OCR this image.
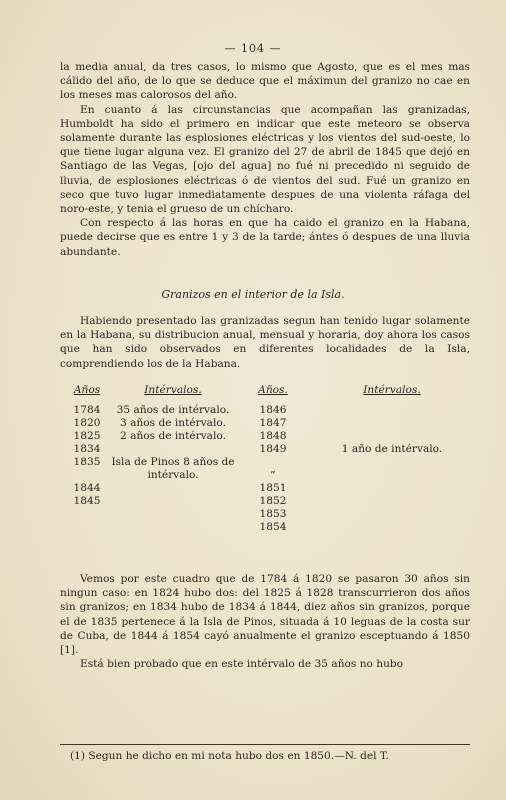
— 104 —

la media anual, da tres casos, lo mismo que Agosto, que es el mes mas cálido del año, de lo que se deduce que el máximun del granizo no cae en los meses mas calorosos del año.

En cuanto á las circunstancias que acompañan las granizadas, Humboldt ha sido el primero en indicar que este meteoro se observa solamente durante las esplosiones eléctricas y los vientos del sud-oeste, lo que tiene lugar alguna vez. El granizo del 27 de abril de 1845 que dejó en Santiago de las Vegas, [ojo del agua] no fué ni precedido ni seguido de lluvia, de esplosiones eléctricas ó de vientos del sud. Fué un granizo en seco que tuvo lugar inmediatamente despues de una violenta ráfaga del noro-este, y tenia el grueso de un chícharo.

Con respecto á las horas en que ha caido el granizo en la Habana, puede decirse que es entre 1 y 3 de la tarde; ántes ó despues de una lluvia abundante.

Granizos en el interior de la Isla.

Habiendo presentado las granizadas segun han tenido lugar solamente en la Habana, su distribucion anual, mensual y horaria, doy ahora los casos que han sido observados en diferentes localidades de la Isla, comprendiendo los de la Habana.

Años	Intérvalos.	Años.	Intérvalos.
1784	35 años de intérvalo.	1846	
1820	3 años de intérvalo.	1847	
1825	2 años de intérvalo.	1848	
1834		1849	1 año de intérvalo.
1835	Isla de Pinos 8 años de intérvalo.	„	
1844		1851	
1845		1852	
		1853	
		1854	

Vemos por este cuadro que de 1784 á 1820 se pasaron 30 años sin ningun caso: en 1824 hubo dos: del 1825 á 1828 transcurrieron dos años sin granizos; en 1834 hubo de 1834 á 1844, diez años sin granizos, porque el de 1835 pertenece á la Isla de Pinos, situada á 10 leguas de la costa sur de Cuba, de 1844 á 1854 cayó anualmente el granizo esceptuando á 1850 [1].

Está bien probado que en este intérvalo de 35 años no hubo

(1) Segun he dicho en mi nota hubo dos en 1850.—N. del T.
